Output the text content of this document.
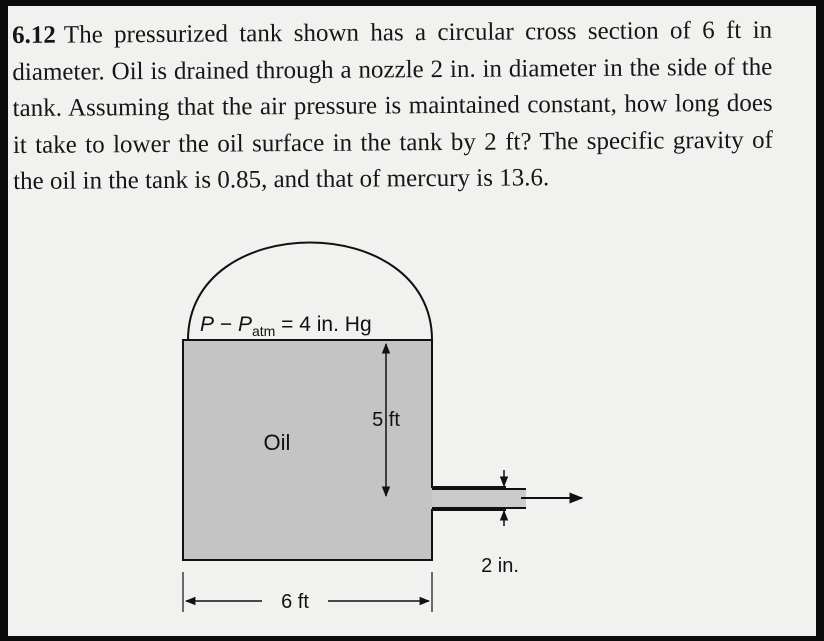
6.12 The pressurized tank shown has a circular cross section of 6 ft in diameter. Oil is drained through a nozzle 2 in. in diameter in the side of the tank. Assuming that the air pressure is maintained constant, how long does it take to lower the oil surface in the tank by 2 ft? The specific gravity of the oil in the tank is 0.85, and that of mercury is 13.6.
$P - P_{atm} = 4$ in. Hg
Oil
5 ft
2 in.
6 ft
